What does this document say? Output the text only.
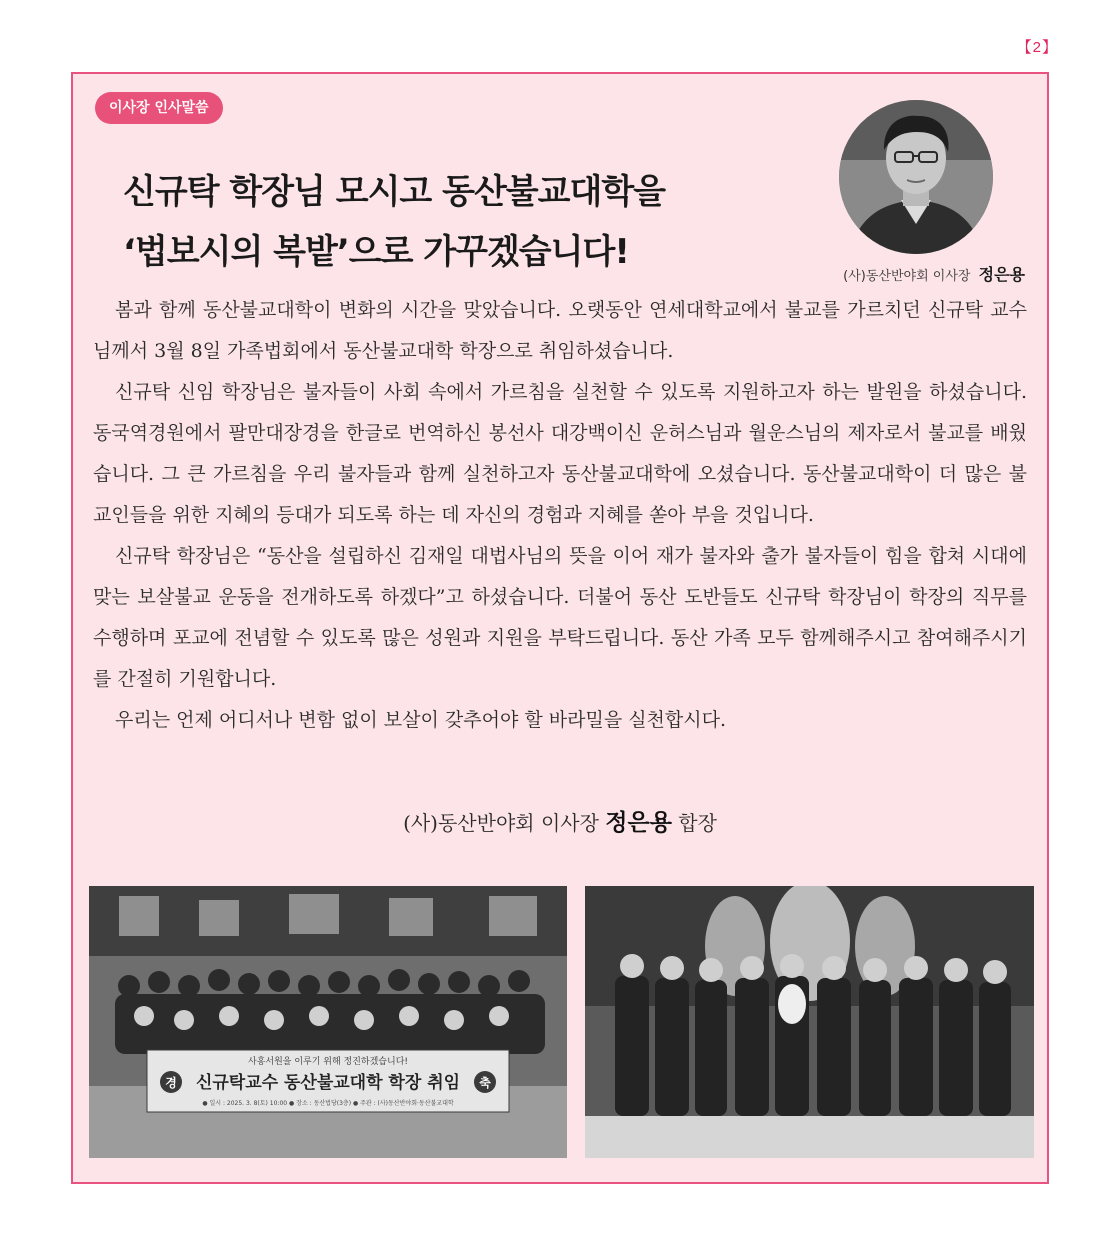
【2】
이사장 인사말씀
신규탁 학장님 모시고 동산불교대학을
‘법보시의 복밭’으로 가꾸겠습니다!
(사)동산반야회 이사장 정은용

봄과 함께 동산불교대학이 변화의 시간을 맞았습니다. 오랫동안 연세대학교에서 불교를 가르치던 신규탁 교수님께서 3월 8일 가족법회에서 동산불교대학 학장으로 취임하셨습니다.

신규탁 신임 학장님은 불자들이 사회 속에서 가르침을 실천할 수 있도록 지원하고자 하는 발원을 하셨습니다. 동국역경원에서 팔만대장경을 한글로 번역하신 봉선사 대강백이신 운허스님과 월운스님의 제자로서 불교를 배웠습니다. 그 큰 가르침을 우리 불자들과 함께 실천하고자 동산불교대학에 오셨습니다. 동산불교대학이 더 많은 불교인들을 위한 지혜의 등대가 되도록 하는 데 자신의 경험과 지혜를 쏟아 부을 것입니다.

신규탁 학장님은 “동산을 설립하신 김재일 대법사님의 뜻을 이어 재가 불자와 출가 불자들이 힘을 합쳐 시대에 맞는 보살불교 운동을 전개하도록 하겠다”고 하셨습니다. 더불어 동산 도반들도 신규탁 학장님이 학장의 직무를 수행하며 포교에 전념할 수 있도록 많은 성원과 지원을 부탁드립니다. 동산 가족 모두 함께해주시고 참여해주시기를 간절히 기원합니다.

우리는 언제 어디서나 변함 없이 보살이 갖추어야 할 바라밀을 실천합시다.

(사)동산반야회 이사장 정은용 합장
사홍서원을 이루기 위해 정진하겠습니다!
경 신규탁교수 동산불교대학 학장 취임 축
● 일시 : 2025. 3. 8(토) 10:00 ● 장소 : 동산법당(3층) ● 주관 : (사)동산반야회·동산불교대학
